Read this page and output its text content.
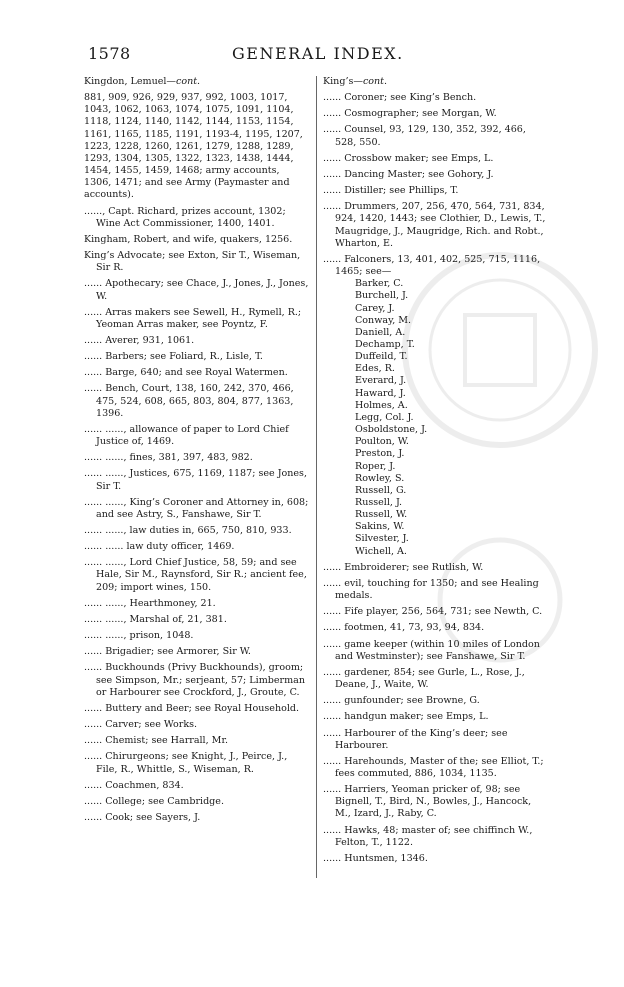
1578	GENERAL INDEX.
Kingdon, Lemuel—cont.
881, 909, 926, 929, 937, 992, 1003, 1017, 1043, 1062, 1063, 1074, 1075, 1091, 1104, 1118, 1124, 1140, 1142, 1144, 1153, 1154, 1161, 1165, 1185, 1191, 1193-4, 1195, 1207, 1223, 1228, 1260, 1261, 1279, 1288, 1289, 1293, 1304, 1305, 1322, 1323, 1438, 1444, 1454, 1455, 1459, 1468; army accounts, 1306, 1471; and see Army (Paymaster and accounts).
......, Capt. Richard, prizes account, 1302; Wine Act Commissioner, 1400, 1401.
Kingham, Robert, and wife, quakers, 1256.
King’s Advocate; see Exton, Sir T., Wiseman, Sir R.
...... Apothecary; see Chace, J., Jones, J., Jones, W.
...... Arras makers see Sewell, H., Rymell, R.; Yeoman Arras maker, see Poyntz, F.
...... Averer, 931, 1061.
...... Barbers; see Foliard, R., Lisle, T.
...... Barge, 640; and see Royal Watermen.
...... Bench, Court, 138, 160, 242, 370, 466, 475, 524, 608, 665, 803, 804, 877, 1363, 1396.
...... ......, allowance of paper to Lord Chief Justice of, 1469.
...... ......, fines, 381, 397, 483, 982.
...... ......, Justices, 675, 1169, 1187; see Jones, Sir T.
...... ......, King’s Coroner and Attorney in, 608; and see Astry, S., Fanshawe, Sir T.
...... ......, law duties in, 665, 750, 810, 933.
...... ...... law duty officer, 1469.
...... ......, Lord Chief Justice, 58, 59; and see Hale, Sir M., Raynsford, Sir R.; ancient fee, 209; import wines, 150.
...... ......, Hearthmoney, 21.
...... ......, Marshal of, 21, 381.
...... ......, prison, 1048.
...... Brigadier; see Armorer, Sir W.
...... Buckhounds (Privy Buckhounds), groom; see Simpson, Mr.; serjeant, 57; Limberman or Harbourer see Crockford, J., Groute, C.
...... Buttery and Beer; see Royal Household.
...... Carver; see Works.
...... Chemist; see Harrall, Mr.
...... Chirurgeons; see Knight, J., Peirce, J., File, R., Whittle, S., Wiseman, R.
...... Coachmen, 834.
...... College; see Cambridge.
...... Cook; see Sayers, J.
King’s—cont.
...... Coroner; see King’s Bench.
...... Cosmographer; see Morgan, W.
...... Counsel, 93, 129, 130, 352, 392, 466, 528, 550.
...... Crossbow maker; see Emps, L.
...... Dancing Master; see Gohory, J.
...... Distiller; see Phillips, T.
...... Drummers, 207, 256, 470, 564, 731, 834, 924, 1420, 1443; see Clothier, D., Lewis, T., Maugridge, J., Maugridge, Rich. and Robt., Wharton, E.
...... Falconers, 13, 401, 402, 525, 715, 1116, 1465; see—
Barker, C.
Burchell, J.
Carey, J.
Conway, M.
Daniell, A.
Dechamp, T.
Duffeild, T.
Edes, R.
Everard, J.
Haward, J.
Holmes, A.
Legg, Col. J.
Osboldstone, J.
Poulton, W.
Preston, J.
Roper, J.
Rowley, S.
Russell, G.
Russell, J.
Russell, W.
Sakins, W.
Silvester, J.
Wichell, A.
...... Embroiderer; see Rutlish, W.
...... evil, touching for 1350; and see Healing medals.
...... Fife player, 256, 564, 731; see Newth, C.
...... footmen, 41, 73, 93, 94, 834.
...... game keeper (within 10 miles of London and Westminster); see Fanshawe, Sir T.
...... gardener, 854; see Gurle, L., Rose, J., Deane, J., Waite, W.
...... gunfounder; see Browne, G.
...... handgun maker; see Emps, L.
...... Harbourer of the King’s deer; see Harbourer.
...... Harehounds, Master of the; see Elliot, T.; fees commuted, 886, 1034, 1135.
...... Harriers, Yeoman pricker of, 98; see Bignell, T., Bird, N., Bowles, J., Hancock, M., Izard, J., Raby, C.
...... Hawks, 48; master of; see chiffinch W., Felton, T., 1122.
...... Huntsmen, 1346.
